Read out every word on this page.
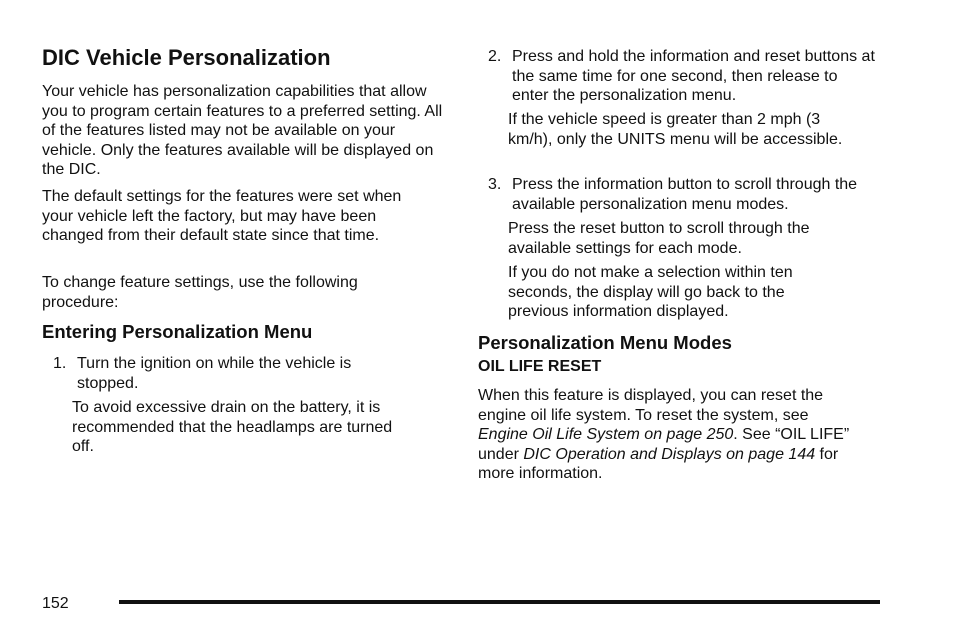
DIC Vehicle Personalization

Your vehicle has personalization capabilities that allow you to program certain features to a preferred setting. All of the features listed may not be available on your vehicle. Only the features available will be displayed on the DIC.

The default settings for the features were set when your vehicle left the factory, but may have been changed from their default state since that time.

To change feature settings, use the following procedure:

Entering Personalization Menu

1. Turn the ignition on while the vehicle is stopped.

To avoid excessive drain on the battery, it is recommended that the headlamps are turned off.

2. Press and hold the information and reset buttons at the same time for one second, then release to enter the personalization menu.

If the vehicle speed is greater than 2 mph (3 km/h), only the UNITS menu will be accessible.

3. Press the information button to scroll through the available personalization menu modes.

Press the reset button to scroll through the available settings for each mode.

If you do not make a selection within ten seconds, the display will go back to the previous information displayed.

Personalization Menu Modes

OIL LIFE RESET

When this feature is displayed, you can reset the engine oil life system. To reset the system, see Engine Oil Life System on page 250. See “OIL LIFE” under DIC Operation and Displays on page 144 for more information.

152
